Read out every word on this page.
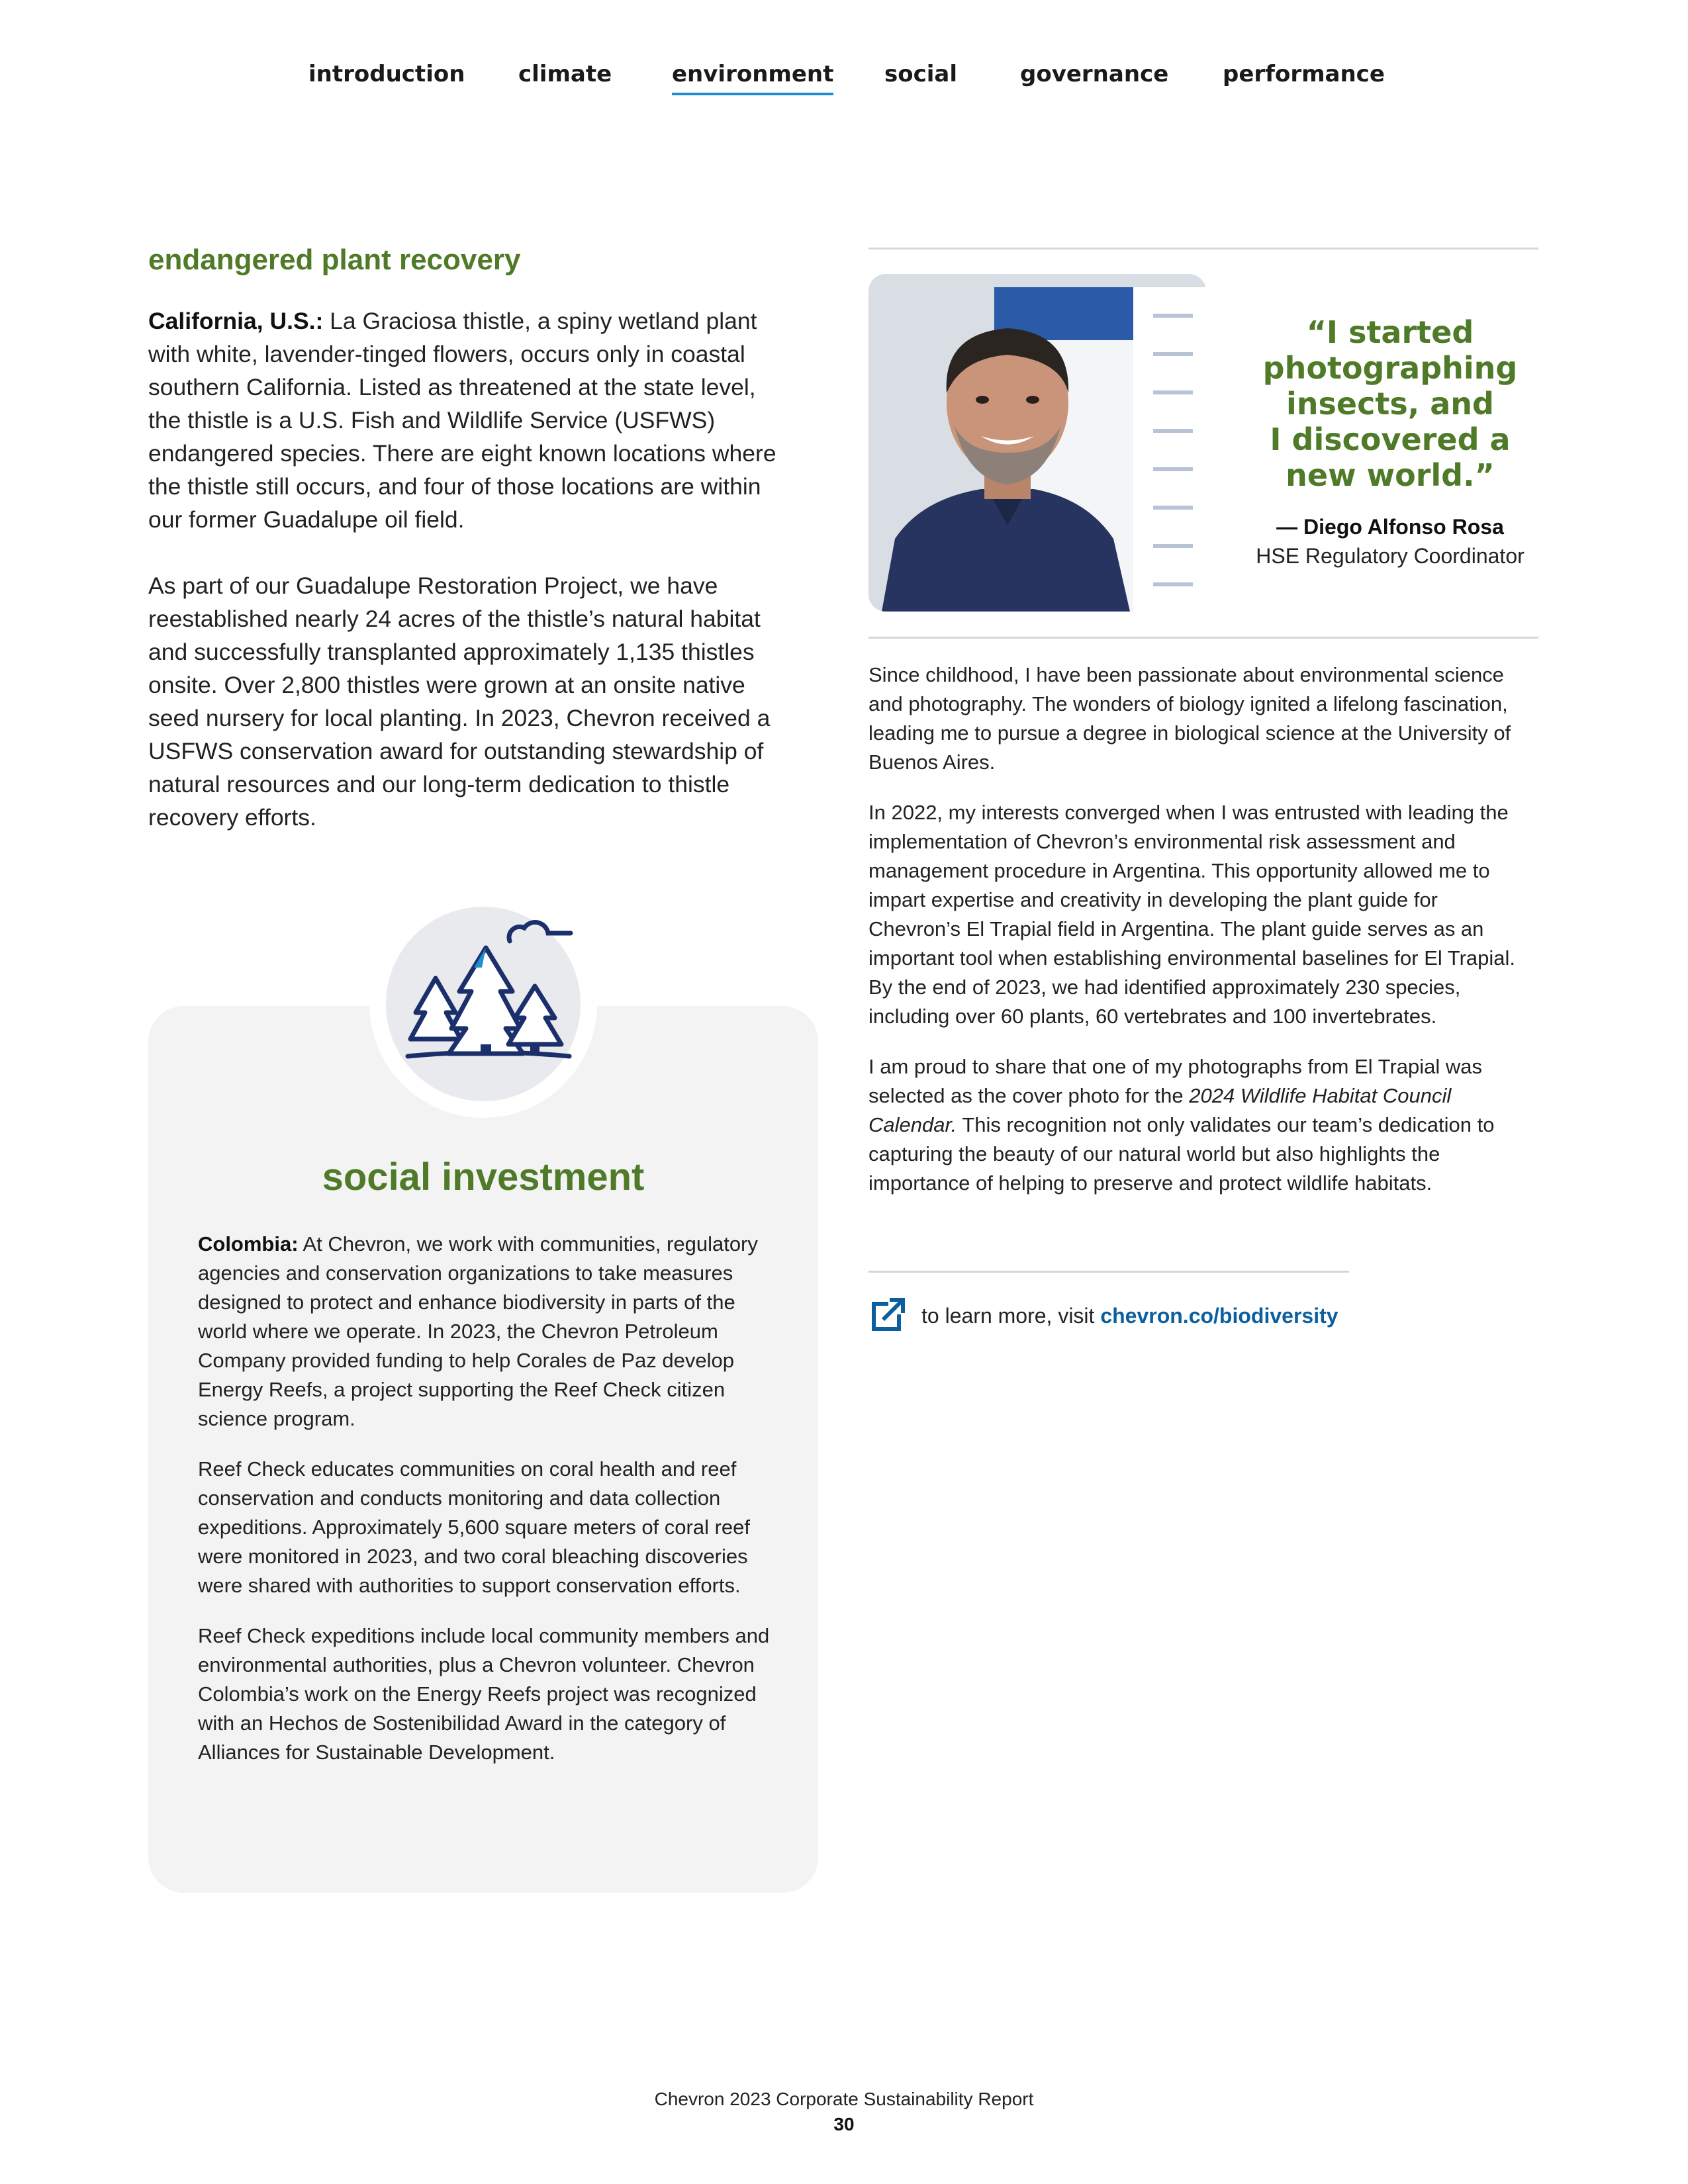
introduction climate	environment social	governance performance
endangered plant recovery

California, U.S.: La Graciosa thistle, a spiny wetland plant with white, lavender-tinged flowers, occurs only in coastal southern California. Listed as threatened at the state level, the thistle is a U.S. Fish and Wildlife Service (USFWS) endangered species. There are eight known locations where the thistle still occurs, and four of those locations are within our former Guadalupe oil field.

As part of our Guadalupe Restoration Project, we have reestablished nearly 24 acres of the thistle’s natural habitat and successfully transplanted approximately 1,135 thistles onsite. Over 2,800 thistles were grown at an onsite native seed nursery for local planting. In 2023, Chevron received a USFWS conservation award for outstanding stewardship of natural resources and our long-term dedication to thistle recovery efforts.

social investment

Colombia: At Chevron, we work with communities, regulatory agencies and conservation organizations to take measures designed to protect and enhance biodiversity in parts of the world where we operate. In 2023, the Chevron Petroleum Company provided funding to help Corales de Paz develop Energy Reefs, a project supporting the Reef Check citizen science program.

Reef Check educates communities on coral health and reef conservation and conducts monitoring and data collection expeditions. Approximately 5,600 square meters of coral reef were monitored in 2023, and two coral bleaching discoveries were shared with authorities to support conservation efforts.

Reef Check expeditions include local community members and environmental authorities, plus a Chevron volunteer. Chevron Colombia’s work on the Energy Reefs project was recognized with an Hechos de Sostenibilidad Award in the category of Alliances for Sustainable Development.

“I started
photographing
insects, and
I discovered a
new world.”
— Diego Alfonso Rosa
HSE Regulatory Coordinator

Since childhood, I have been passionate about environmental science and photography. The wonders of biology ignited a lifelong fascination, leading me to pursue a degree in biological science at the University of Buenos Aires.

In 2022, my interests converged when I was entrusted with leading the implementation of Chevron’s environmental risk assessment and management procedure in Argentina. This opportunity allowed me to impart expertise and creativity in developing the plant guide for Chevron’s El Trapial field in Argentina. The plant guide serves as an important tool when establishing environmental baselines for El Trapial. By the end of 2023, we had identified approximately 230 species, including over 60 plants, 60 vertebrates and 100 invertebrates.

I am proud to share that one of my photographs from El Trapial was selected as the cover photo for the 2024 Wildlife Habitat Council Calendar. This recognition not only validates our team’s dedication to capturing the beauty of our natural world but also highlights the importance of helping to preserve and protect wildlife habitats.

to learn more, visit chevron.co/biodiversity
Chevron 2023 Corporate Sustainability Report
30
